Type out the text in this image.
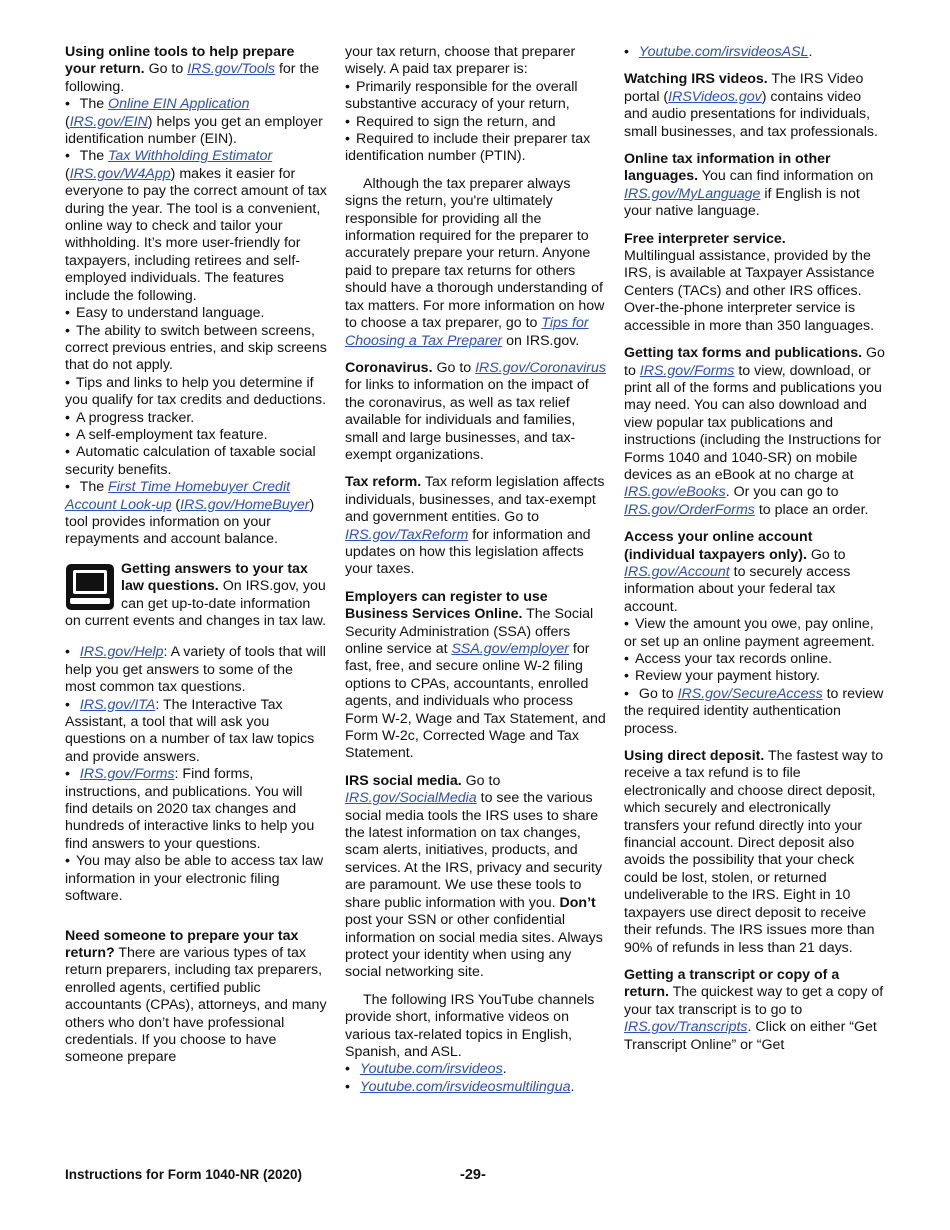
Using online tools to help prepare your return. Go to IRS.gov/Tools for the following.

• The Online EIN Application
(IRS.gov/EIN) helps you get an employer identification number (EIN).

• The Tax Withholding Estimator
(IRS.gov/W4App) makes it easier for everyone to pay the correct amount of tax during the year. The tool is a convenient, online way to check and tailor your withholding. It’s more user-friendly for taxpayers, including retirees and self-employed individuals. The features include the following.

• Easy to understand language.

• The ability to switch between screens, correct previous entries, and skip screens that do not apply.

• Tips and links to help you determine if you qualify for tax credits and deductions.

• A progress tracker.

• A self-employment tax feature.

• Automatic calculation of taxable social security benefits.

• The First Time Homebuyer Credit Account Look-up (IRS.gov/HomeBuyer) tool provides information on your repayments and account balance.

Getting answers to your tax law questions. On IRS.gov, you can get up-to-date information on current events and changes in tax law.

• IRS.gov/Help: A variety of tools that will help you get answers to some of the most common tax questions.

• IRS.gov/ITA: The Interactive Tax Assistant, a tool that will ask you questions on a number of tax law topics and provide answers.

• IRS.gov/Forms: Find forms, instructions, and publications. You will find details on 2020 tax changes and hundreds of interactive links to help you find answers to your questions.

• You may also be able to access tax law information in your electronic filing software.

Need someone to prepare your tax return? There are various types of tax return preparers, including tax preparers, enrolled agents, certified public accountants (CPAs), attorneys, and many others who don’t have professional credentials. If you choose to have someone prepare

your tax return, choose that preparer wisely. A paid tax preparer is:

• Primarily responsible for the overall substantive accuracy of your return,

• Required to sign the return, and

• Required to include their preparer tax identification number (PTIN).

Although the tax preparer always signs the return, you're ultimately responsible for providing all the information required for the preparer to accurately prepare your return. Anyone paid to prepare tax returns for others should have a thorough understanding of tax matters. For more information on how to choose a tax preparer, go to Tips for Choosing a Tax Preparer on IRS.gov.

Coronavirus. Go to IRS.gov/Coronavirus for links to information on the impact of the coronavirus, as well as tax relief available for individuals and families, small and large businesses, and tax-exempt organizations.

Tax reform. Tax reform legislation affects individuals, businesses, and tax-exempt and government entities. Go to IRS.gov/TaxReform for information and updates on how this legislation affects your taxes.

Employers can register to use Business Services Online. The Social Security Administration (SSA) offers online service at SSA.gov/employer for fast, free, and secure online W-2 filing options to CPAs, accountants, enrolled agents, and individuals who process Form W-2, Wage and Tax Statement, and Form W-2c, Corrected Wage and Tax Statement.

IRS social media. Go to IRS.gov/SocialMedia to see the various social media tools the IRS uses to share the latest information on tax changes, scam alerts, initiatives, products, and services. At the IRS, privacy and security are paramount. We use these tools to share public information with you. Don’t post your SSN or other confidential information on social media sites. Always protect your identity when using any social networking site.

The following IRS YouTube channels provide short, informative videos on various tax-related topics in English, Spanish, and ASL.

• Youtube.com/irsvideos.

• Youtube.com/irsvideosmultilingua.

• Youtube.com/irsvideosASL.

Watching IRS videos. The IRS Video portal (IRSVideos.gov) contains video and audio presentations for individuals, small businesses, and tax professionals.

Online tax information in other languages. You can find information on IRS.gov/MyLanguage if English is not your native language.

Free interpreter service.
Multilingual assistance, provided by the IRS, is available at Taxpayer Assistance Centers (TACs) and other IRS offices. Over-the-phone interpreter service is accessible in more than 350 languages.

Getting tax forms and publications. Go to IRS.gov/Forms to view, download, or print all of the forms and publications you may need. You can also download and view popular tax publications and instructions (including the Instructions for Forms 1040 and 1040-SR) on mobile devices as an eBook at no charge at IRS.gov/eBooks. Or you can go to IRS.gov/OrderForms to place an order.

Access your online account (individual taxpayers only). Go to IRS.gov/Account to securely access information about your federal tax account.

• View the amount you owe, pay online, or set up an online payment agreement.

• Access your tax records online.

• Review your payment history.

• Go to IRS.gov/SecureAccess to review the required identity authentication process.

Using direct deposit. The fastest way to receive a tax refund is to file electronically and choose direct deposit, which securely and electronically transfers your refund directly into your financial account. Direct deposit also avoids the possibility that your check could be lost, stolen, or returned undeliverable to the IRS. Eight in 10 taxpayers use direct deposit to receive their refunds. The IRS issues more than 90% of refunds in less than 21 days.

Getting a transcript or copy of a return. The quickest way to get a copy of your tax transcript is to go to IRS.gov/Transcripts. Click on either “Get Transcript Online” or “Get

Instructions for Form 1040-NR (2020)	-29-
